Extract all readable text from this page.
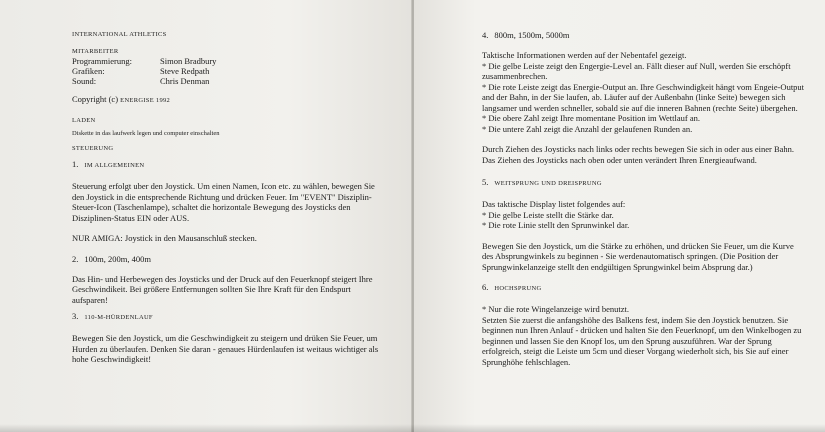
INTERNATIONAL ATHLETICS
MITARBEITER
Programmierung:	Simon Bradbury
Grafiken:	Steve Redpath
Sound:	Chris Denman
Copyright (c) ENERGISE 1992
LADEN
Diskette in das laufwerk legen und computer einschalten
STEUERUNG
1. IM ALLGEMEINEN

Steuerung erfolgt uber den Joystick. Um einen Namen, Icon etc. zu wählen, bewegen Sie den Joystick in die entsprechende Richtung und drücken Feuer. Im "EVENT" Disziplin-Steuer-Icon (Taschenlampe), schaltet die horizontale Bewegung des Joysticks den Disziplinen-Status EIN oder AUS.

NUR AMIGA: Joystick in den Mausanschluß stecken.

2. 100m, 200m, 400m

Das Hin- und Herbewegen des Joysticks und der Druck auf den Feuerknopf steigert Ihre Geschwindikeit. Bei größere Entfernungen sollten Sie Ihre Kraft für den Endspurt aufsparen!

3. 110-M-HÜRDENLAUF

Bewegen Sie den Joystick, um die Geschwindigkeit zu steigern und drüken Sie Feuer, um Hurden zu überlaufen. Denken Sie daran - genaues Hürdenlaufen ist weitaus wichtiger als hohe Geschwindigkeit!

4. 800m, 1500m, 5000m

Taktische Informationen werden auf der Nebentafel gezeigt.

* Die gelbe Leiste zeigt den Engergie-Level an. Fällt dieser auf Null, werden Sie erschöpft zusammenbrechen.

* Die rote Leiste zeigt das Energie-Output an. Ihre Geschwindigkeit hängt vom Engeie-Output and der Bahn, in der Sie laufen, ab. Läufer auf der Außenbahn (linke Seite) bewegen sich langsamer und werden schneller, sobald sie auf die inneren Bahnen (rechte Seite) übergehen.

* Die obere Zahl zeigt Ihre momentane Position im Wettlauf an.

* Die untere Zahl zeigt die Anzahl der gelaufenen Runden an.

Durch Ziehen des Joysticks nach links oder rechts bewegen Sie sich in oder aus einer Bahn. Das Ziehen des Joysticks nach oben oder unten verändert Ihren Energieaufwand.

5. WEITSPRUNG UND DREISPRUNG

Das taktische Display listet folgendes auf:

* Die gelbe Leiste stellt die Stärke dar.

* Die rote Linie stellt den Sprunwinkel dar.

Bewegen Sie den Joystick, um die Stärke zu erhöhen, und drücken Sie Feuer, um die Kurve des Absprungwinkels zu beginnen - Sie werdenautomatisch springen. (Die Position der Sprungwinkelanzeige stellt den endgültigen Sprungwinkel beim Absprung dar.)

6. HOCHSPRUNG

* Nur die rote Wingelanzeige wird benutzt.

Setzten Sie zuerst die anfangshöhe des Balkens fest, indem Sie den Joystick benutzen. Sie beginnen nun Ihren Anlauf - drücken und halten Sie den Feuerknopf, um den Winkelbogen zu beginnen und lassen Sie den Knopf los, um den Sprung auszuführen. War der Sprung erfolgreich, steigt die Leiste um 5cm und dieser Vorgang wiederholt sich, bis Sie auf einer Sprunghöhe fehlschlagen.
